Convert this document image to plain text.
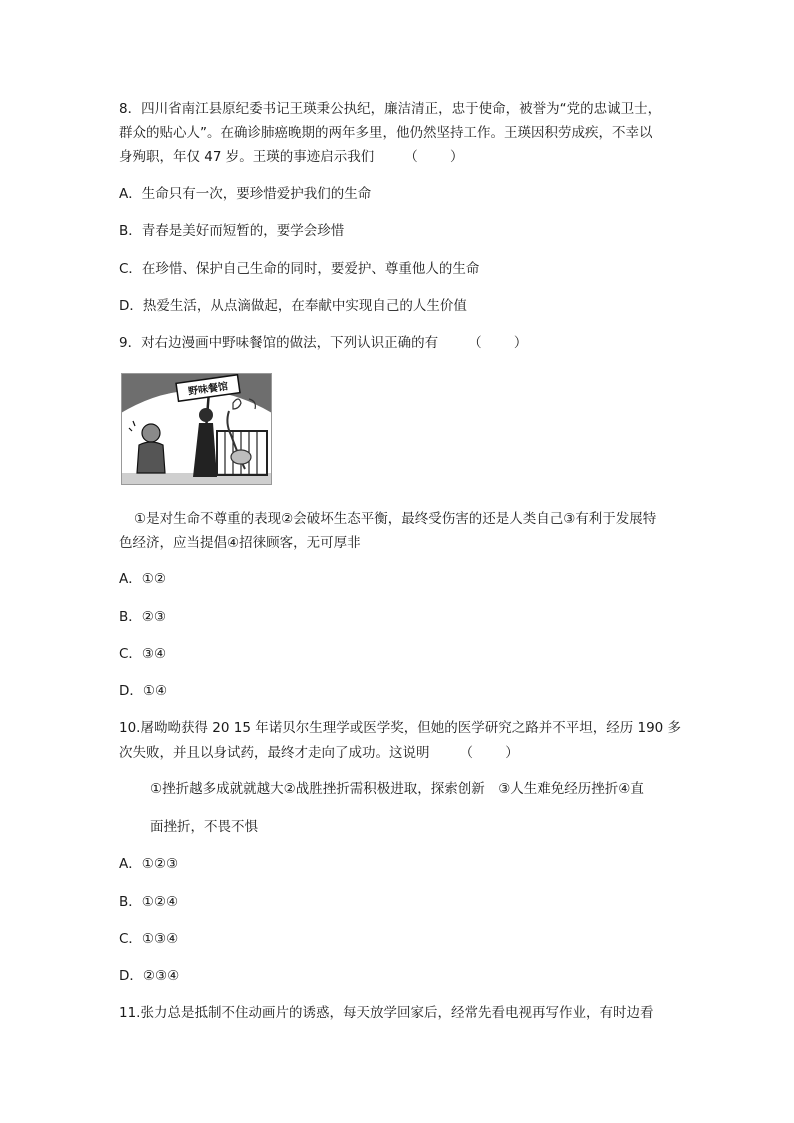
8．四川省南江县原纪委书记王瑛秉公执纪，廉洁清正，忠于使命，被誉为“党的忠诚卫士，
群众的贴心人”。在确诊肺癌晚期的两年多里，他仍然坚持工作。王瑛因积劳成疾，不幸以
身殉职，年仅 47 岁。王瑛的事迹启示我们 （ ）
A．生命只有一次，要珍惜爱护我们的生命
B．青春是美好而短暂的，要学会珍惜
C．在珍惜、保护自己生命的同时，要爱护、尊重他人的生命
D．热爱生活，从点滴做起，在奉献中实现自己的人生价值
9．对右边漫画中野味餐馆的做法，下列认识正确的有 （ ）
野味餐馆
①是对生命不尊重的表现②会破坏生态平衡，最终受伤害的还是人类自己③有利于发展特
色经济，应当提倡④招徕顾客，无可厚非
A．①②
B．②③
C．③④
D．①④
10.屠呦呦获得 20 15 年诺贝尔生理学或医学奖，但她的医学研究之路并不平坦，经历 190 多
次失败，并且以身试药，最终才走向了成功。这说明 （ ）
①挫折越多成就就越大②战胜挫折需积极进取，探索创新　③人生难免经历挫折④直
面挫折，不畏不惧
A．①②③
B．①②④
C．①③④
D．②③④
11.张力总是抵制不住动画片的诱惑，每天放学回家后，经常先看电视再写作业，有时边看
